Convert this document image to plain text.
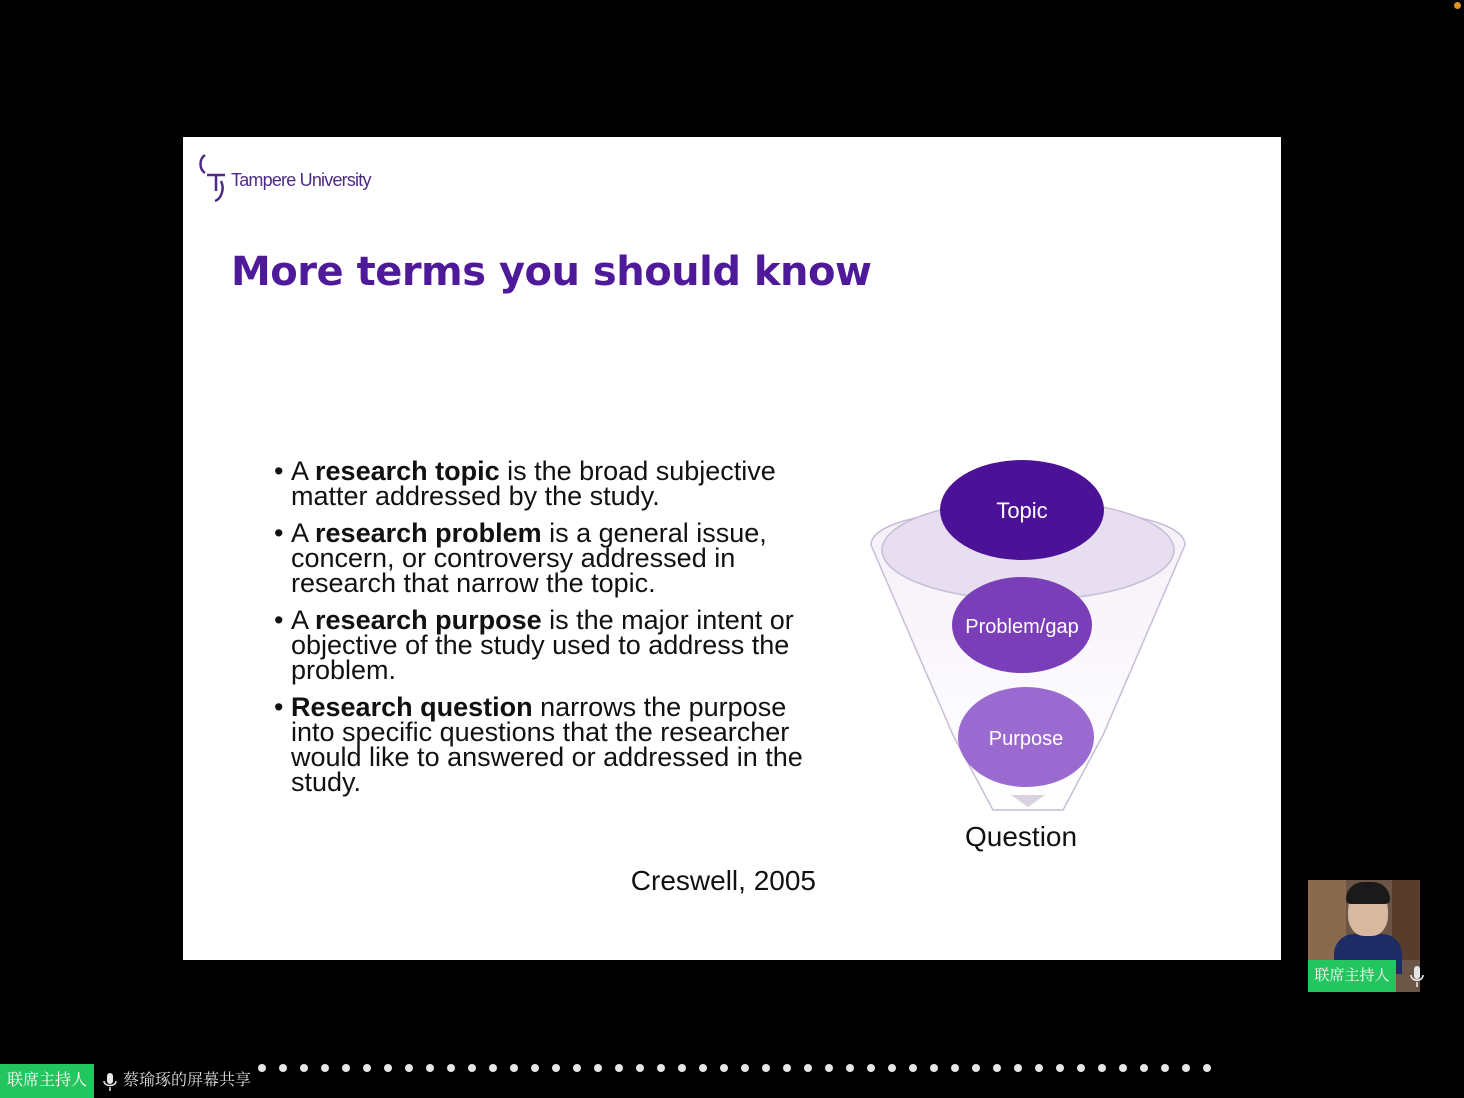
Tampere University
More terms you should know
• A research topic is the broad subjective matter addressed by the study.
• A research problem is a general issue, concern, or controversy addressed in research that narrow the topic.
• A research purpose is the major intent or objective of the study used to address the problem.
• Research question narrows the purpose into specific questions that the researcher would like to answered or addressed in the study.
Creswell, 2005
Topic
Problem/gap
Purpose
Question
联席主持人
联席主持人	蔡瑜琢的屏幕共享
